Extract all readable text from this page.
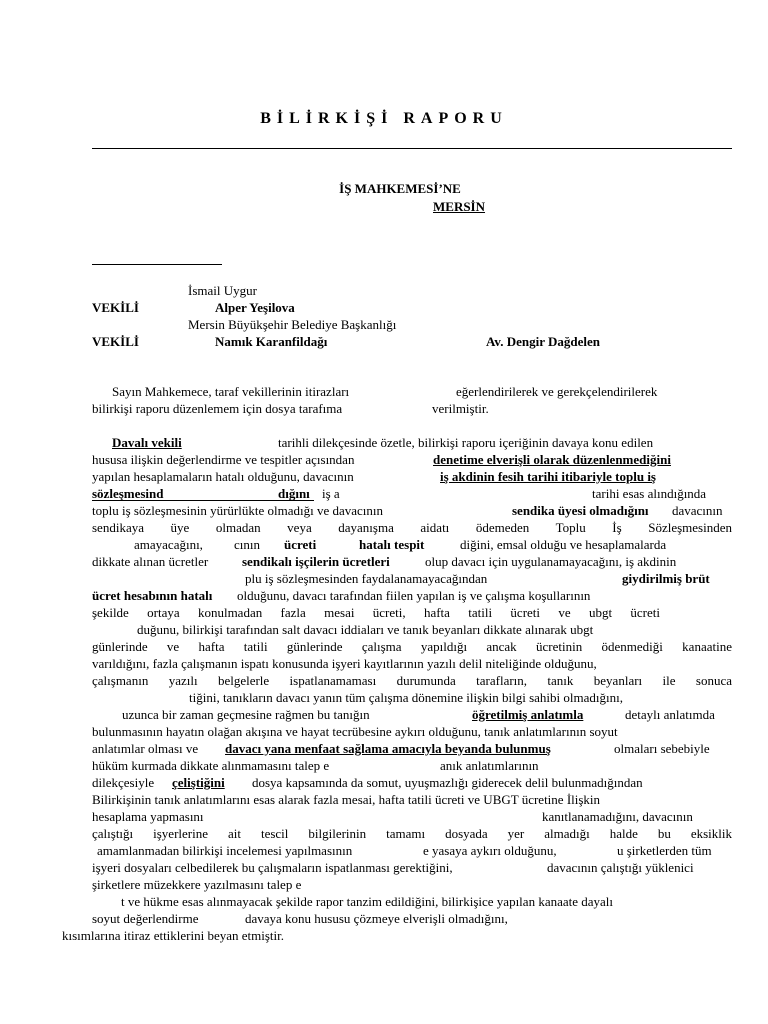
BİLİRKİŞİ RAPORU
İŞ MAHKEMESİ’NE
MERSİN
İsmail Uygur
VEKİLİ	Alper Yeşilova
Mersin Büyükşehir Belediye Başkanlığı
VEKİLİ	Namık Karanfildağı	Av. Dengir Dağdelen
Sayın Mahkemece, taraf vekillerinin itirazları	eğerlendirilerek ve gerekçelendirilerek
bilirkişi raporu düzenlemem için dosya tarafıma	verilmiştir.
Davalı vekili	tarihli dilekçesinde özetle, bilirkişi raporu içeriğinin davaya konu edilen
hususa ilişkin değerlendirme ve tespitler açısından	denetime elverişli olarak düzenlenmediğini
yapılan hesaplamaların hatalı olduğunu, davacının	iş akdinin fesih tarihi itibariyle toplu iş
sözleşmesind	dığını iş a	tarihi esas alındığında
toplu iş sözleşmesinin yürürlükte olmadığı ve davacının	sendika üyesi olmadığını davacının
sendikaya üye olmadan veya dayanışma aidatı ödemeden Toplu İş Sözleşmesinden
amayacağını, cının ücreti	hatalı tespit	diğini, emsal olduğu ve hesaplamalarda
dikkate alınan ücretler	sendikalı işçilerin ücretleri	olup davacı için uygulanamayacağını, iş akdinin
plu iş sözleşmesinden faydalanamayacağından	giydirilmiş brüt
ücret hesabının hatalı olduğunu, davacı tarafından fiilen yapılan iş ve çalışma koşullarının
şekilde ortaya konulmadan fazla mesai ücreti, hafta tatili ücreti ve ubgt ücreti
duğunu, bilirkişi tarafından salt davacı iddiaları ve tanık beyanları dikkate alınarak ubgt
günlerinde ve hafta tatili günlerinde çalışma yapıldığı ancak ücretinin ödenmediği kanaatine
varıldığını, fazla çalışmanın ispatı konusunda işyeri kayıtlarının yazılı delil niteliğinde olduğunu,
çalışmanın yazılı belgelerle ispatlanamaması durumunda tarafların, tanık beyanları ile sonuca
tiğini, tanıkların davacı yanın tüm çalışma dönemine ilişkin bilgi sahibi olmadığını,
uzunca bir zaman geçmesine rağmen bu tanığın	öğretilmiş anlatımla	detaylı anlatımda
bulunmasının hayatın olağan akışına ve hayat tecrübesine aykırı olduğunu, tanık anlatımlarının soyut
anlatımlar olması ve davacı yana menfaat sağlama amacıyla beyanda bulunmuş	olmaları sebebiyle
hüküm kurmada dikkate alınmamasını talep e	anık anlatımlarının
dilekçesiyle çeliştiğini dosya kapsamında da somut, uyuşmazlığı giderecek delil bulunmadığından
Bilirkişinin tanık anlatımlarını esas alarak fazla mesai, hafta tatili ücreti ve UBGT ücretine İlişkin
hesaplama yapmasını	kanıtlanamadığını, davacının
çalıştığı işyerlerine ait tescil bilgilerinin tamamı dosyada yer almadığı halde bu eksiklik
amamlanmadan bilirkişi incelemesi yapılmasının	e yasaya aykırı olduğunu,	u şirketlerden tüm
işyeri dosyaları celbedilerek bu çalışmaların ispatlanması gerektiğini,	davacının çalıştığı yüklenici
şirketlere müzekkere yazılmasını talep e
t ve hükme esas alınmayacak şekilde rapor tanzim edildiğini, bilirkişice yapılan kanaate dayalı
soyut değerlendirme	davaya konu hususu çözmeye elverişli olmadığını,
kısımlarına itiraz ettiklerini beyan etmiştir.
